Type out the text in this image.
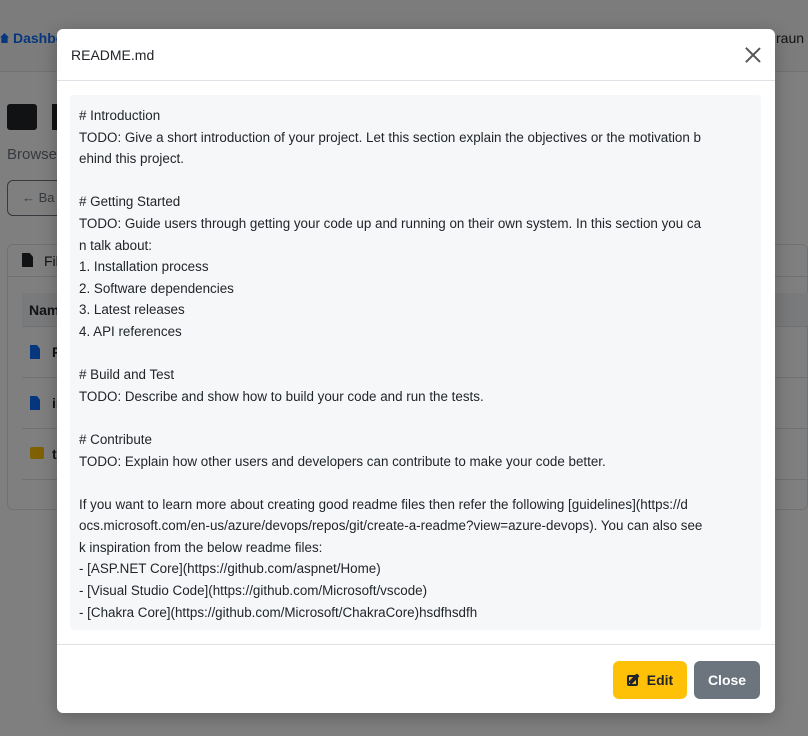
README.md
# Introduction
TODO: Give a short introduction of your project. Let this section explain the objectives or the motivation b
ehind this project.
# Getting Started
TODO: Guide users through getting your code up and running on their own system. In this section you ca
n talk about:
1. Installation process
2. Software dependencies
3. Latest releases
4. API references
# Build and Test
TODO: Describe and show how to build your code and run the tests.
# Contribute
TODO: Explain how other users and developers can contribute to make your code better.
If you want to learn more about creating good readme files then refer the following [guidelines](https://d
ocs.microsoft.com/en-us/azure/devops/repos/git/create-a-readme?view=azure-devops). You can also see
k inspiration from the below readme files:
- [ASP.NET Core](https://github.com/aspnet/Home)
- [Visual Studio Code](https://github.com/Microsoft/vscode)
- [Chakra Core](https://github.com/Microsoft/ChakraCore)hsdfhsdfh
Edit Close
